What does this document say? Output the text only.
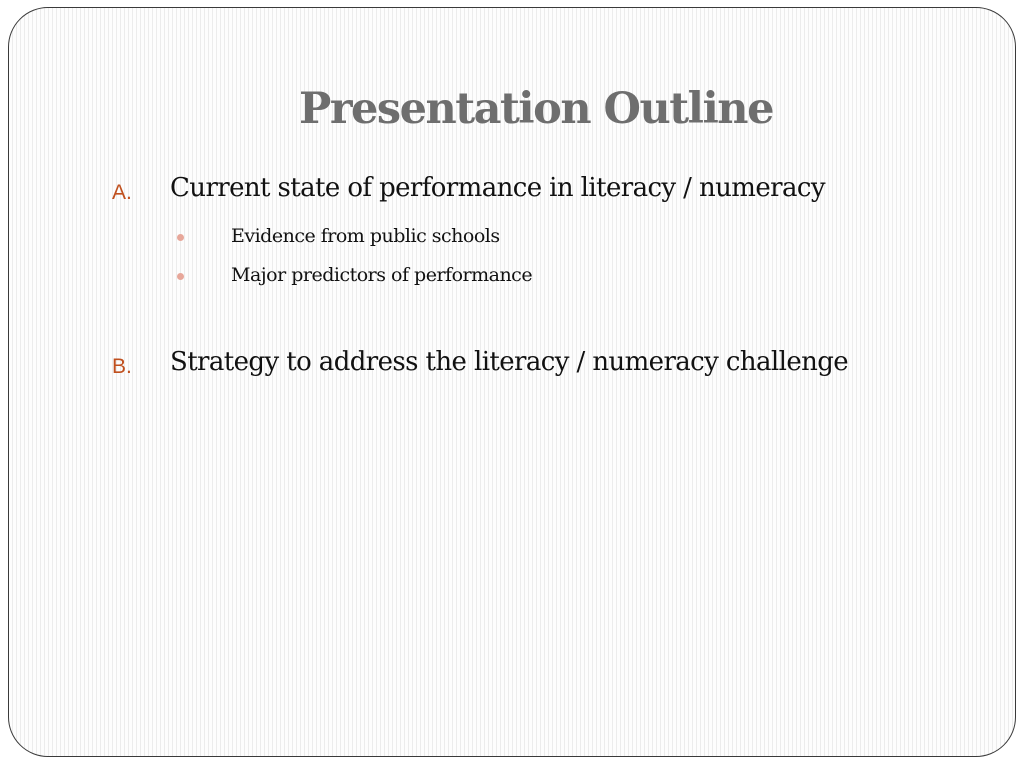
Presentation Outline
A. Current state of performance in literacy / numeracy
Evidence from public schools
Major predictors of performance
B. Strategy to address the literacy / numeracy challenge
